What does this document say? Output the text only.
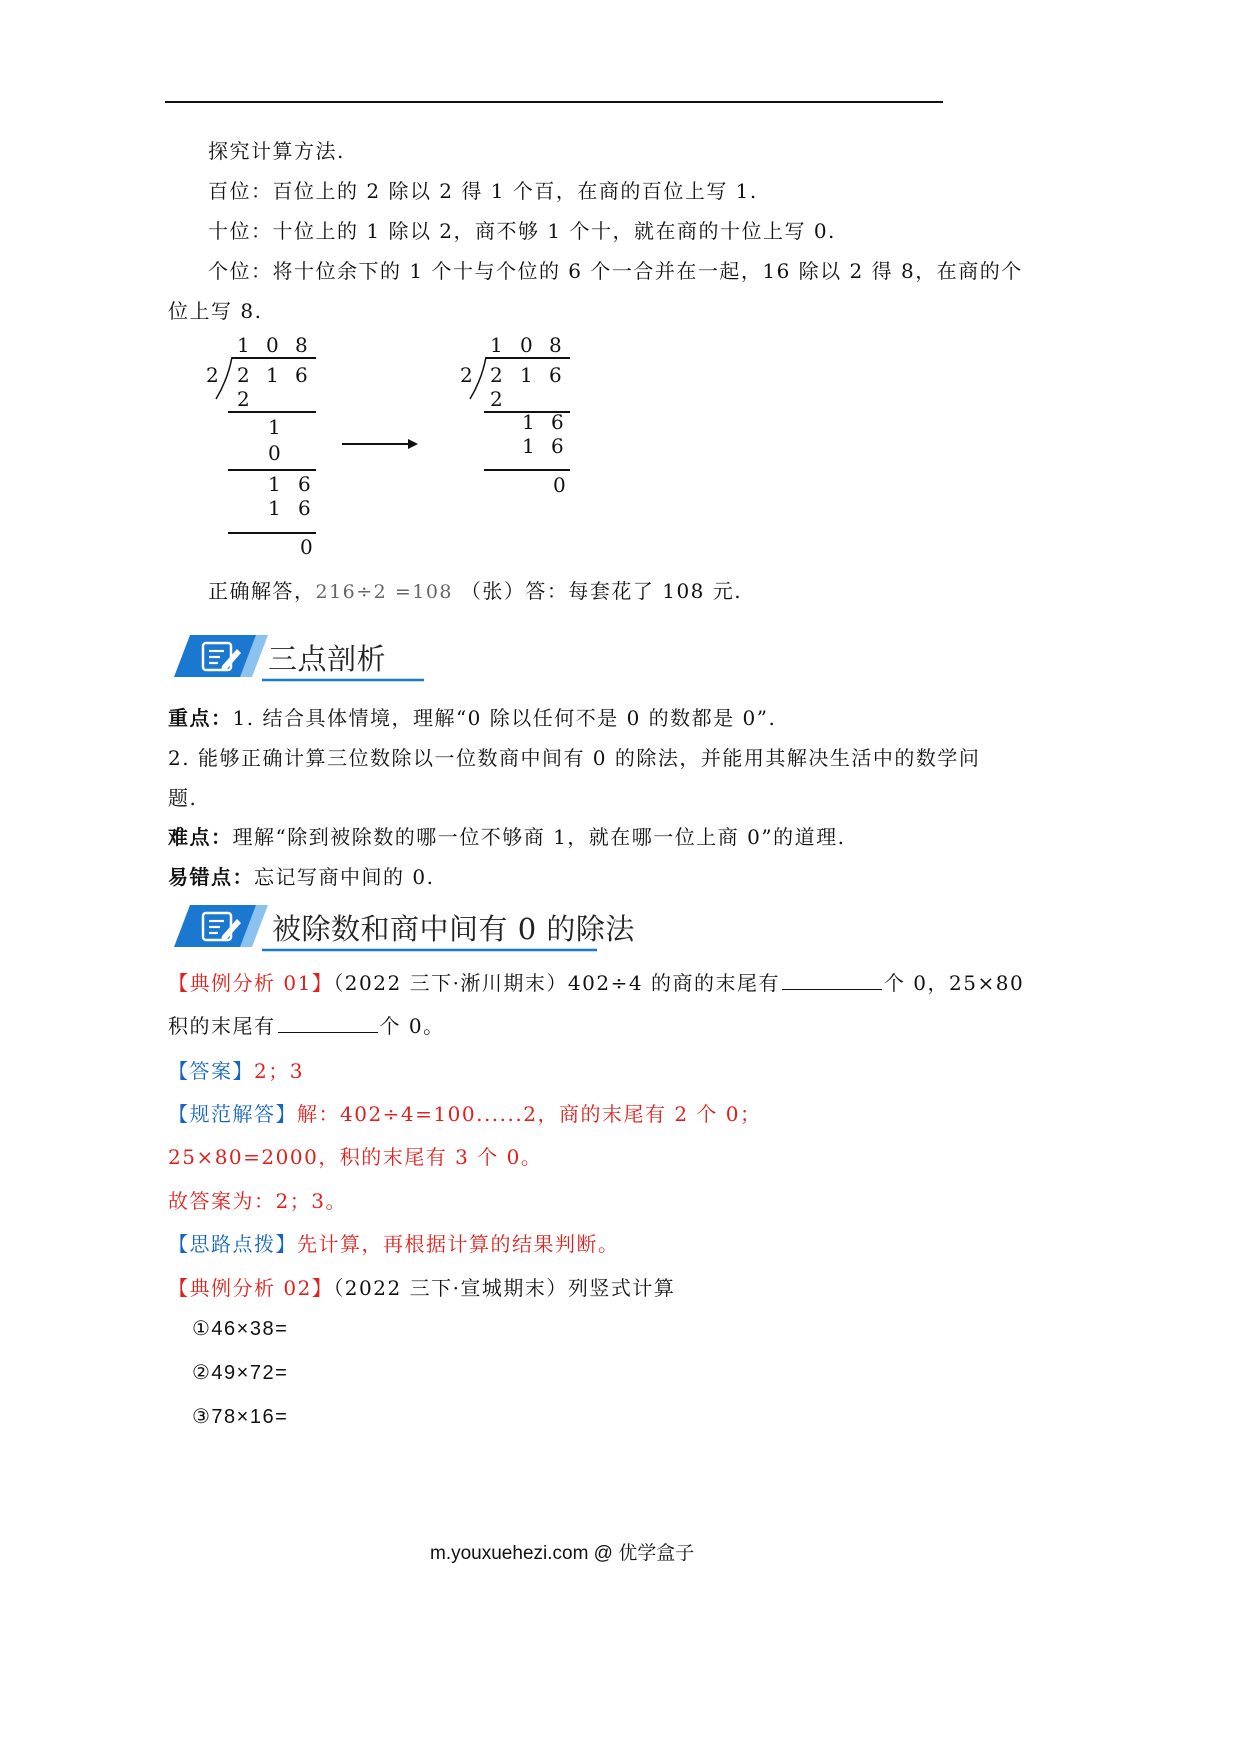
探究计算方法.
百位：百位上的 2 除以 2 得 1 个百，在商的百位上写 1.
十位：十位上的 1 除以 2，商不够 1 个十，就在商的十位上写 0.
个位：将十位余下的 1 个十与个位的 6 个一合并在一起，16 除以 2 得 8，在商的个
位上写 8.
1 0 8
2 2 1 6
2
1
0
1 6
1 6
0
1 0 8
2 2 1 6
2
1 6
1 6
0
正确解答，216÷2 =108 （张）答：每套花了 108 元.
三点剖析
重点：1. 结合具体情境，理解“0 除以任何不是 0 的数都是 0”.
2. 能够正确计算三位数除以一位数商中间有 0 的除法，并能用其解决生活中的数学问
题.
难点：理解“除到被除数的哪一位不够商 1，就在哪一位上商 0”的道理.
易错点：忘记写商中间的 0.
被除数和商中间有 0 的除法
【典例分析 01】（2022 三下·淅川期末）402÷4 的商的末尾有	个 0，25×80
积的末尾有	个 0。
【答案】2；3
【规范解答】解：402÷4=100......2，商的末尾有 2 个 0；
25×80=2000，积的末尾有 3 个 0。
故答案为：2；3。
【思路点拨】先计算，再根据计算的结果判断。
【典例分析 02】（2022 三下·宣城期末）列竖式计算
①46×38=
②49×72=
③78×16=
m.youxuehezi.com @ 优学盒子
